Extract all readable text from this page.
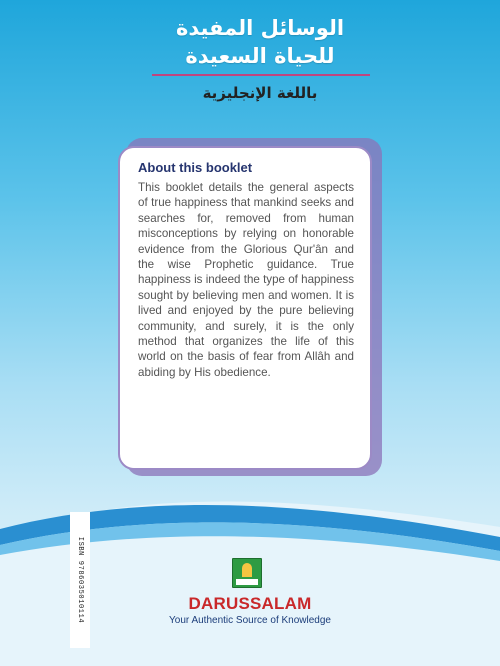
الوسائل المفيدة
للحياة السعيدة
باللغة الإنجليزية
About this booklet

This booklet details the general aspects of true happiness that mankind seeks and searches for, removed from human misconceptions by relying on honorable evidence from the Glorious Qur'ân and the wise Prophetic guidance. True happiness is indeed the type of happiness sought by believing men and women. It is lived and enjoyed by the pure believing community, and surely, it is the only method that organizes the life of this world on the basis of fear from Allâh and abiding by His obedience.

ISBN 9786035010114	DARUSSALAM
Your Authentic Source of Knowledge
